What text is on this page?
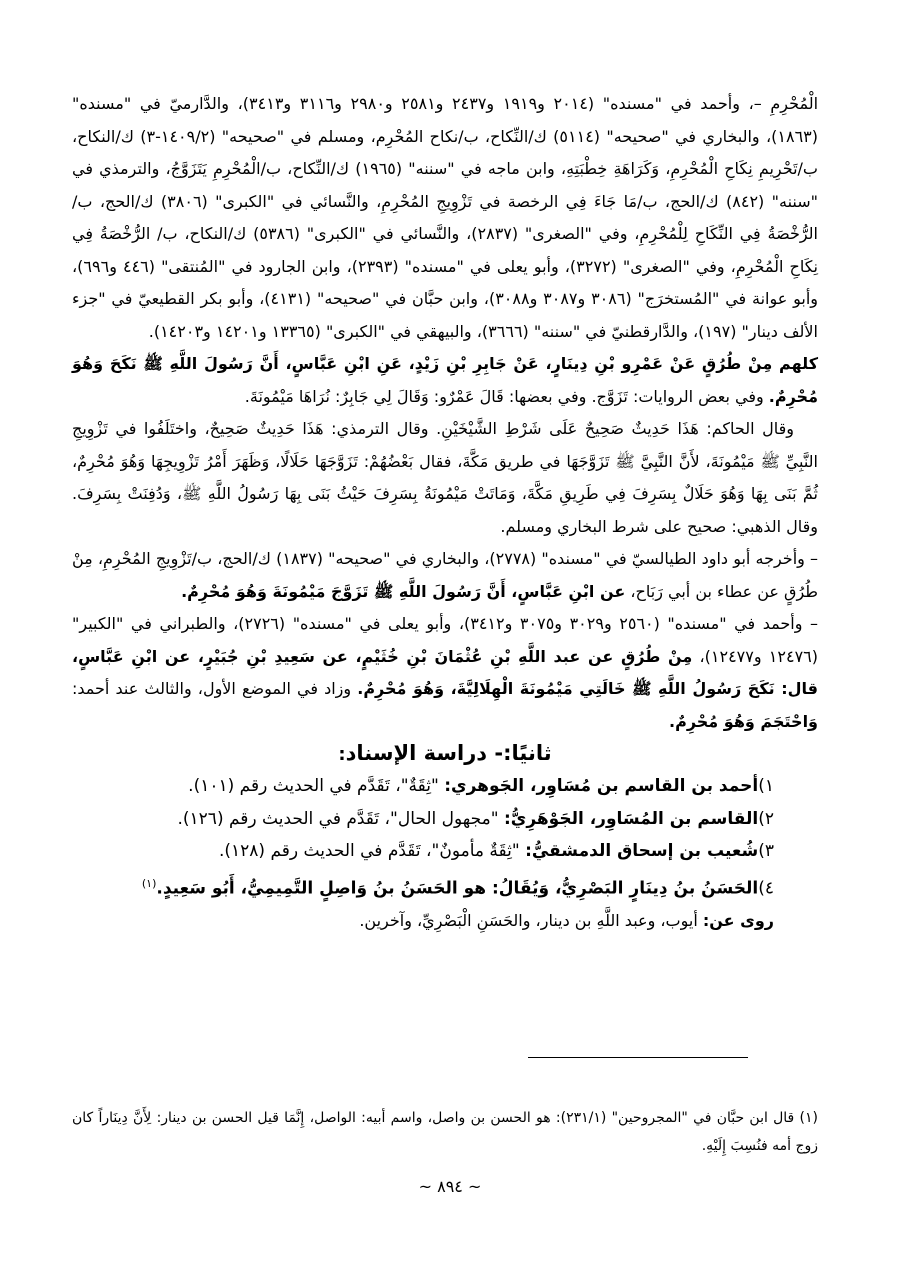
الْمُحْرِمِ –، وأحمد في "مسنده" (٢٠١٤ و١٩١٩ و٢٤٣٧ و٢٥٨١ و٢٩٨٠ و٣١١٦ و٣٤١٣)، والدَّارميّ في "مسنده" (١٨٦٣)، والبخاري في "صحيحه" (٥١١٤) ك/النِّكاح، ب/نكاح المُحْرِم، ومسلم في "صحيحه" (١٤٠٩/٢-٣) ك/النكاح، ب/تَحْرِيمِ نِكَاحِ الْمُحْرِمِ، وَكَرَاهَةِ خِطْبَتِهِ، وابن ماجه في "سننه" (١٩٦٥) ك/النِّكاح، ب/الْمُحْرِمِ يَتَزَوَّجُ، والترمذي في "سننه" (٨٤٢) ك/الحج، ب/مَا جَاءَ فِي الرخصة في تَزْوِيجِ المُحْرِمِ، والنَّسائي في "الكبرى" (٣٨٠٦) ك/الحج، ب/الرُّخْصَةُ فِي النِّكَاحِ لِلْمُحْرِمِ، وفي "الصغرى" (٢٨٣٧)، والنَّسائي في "الكبرى" (٥٣٨٦) ك/النكاح، ب/ الرُّخْصَةُ فِي نِكَاحِ الْمُحْرِمِ، وفي "الصغرى" (٣٢٧٢)، وأبو يعلى في "مسنده" (٢٣٩٣)، وابن الجارود في "المُنتقى" (٤٤٦ و٦٩٦)، وأبو عوانة في "المُستخرَج" (٣٠٨٦ و٣٠٨٧ و٣٠٨٨)، وابن حبَّان في "صحيحه" (٤١٣١)، وأبو بكر القطيعيّ في "جزء الألف دينار" (١٩٧)، والدَّارقطنيّ في "سننه" (٣٦٦٦)، والبيهقي في "الكبرى" (١٣٣٦٥ و١٤٢٠١ و١٤٢٠٣).

كلهم مِنْ طُرُقٍ عَنْ عَمْرِو بْنِ دِينَارٍ، عَنْ جَابِرِ بْنِ زَيْدٍ، عَنِ ابْنِ عَبَّاسٍ، أَنَّ رَسُولَ اللَّهِ ﷺ نَكَحَ وَهُوَ مُحْرِمٌ. وفي بعض الروايات: تَزَوَّج. وفي بعضها: قَالَ عَمْرٌو: وَقَالَ لِي جَابِرٌ: نُرَاهَا مَيْمُونَةَ.

وقال الحاكم: هَذَا حَدِيثٌ صَحِيحٌ عَلَى شَرْطِ الشَّيْخَيْنِ. وقال الترمذي: هَذَا حَدِيثٌ صَحِيحٌ، واختَلَفُوا في تَزْوِيجِ النَّبِيِّ ﷺ مَيْمُونَةَ، لأَنَّ النَّبِيَّ ﷺ تَزَوَّجَهَا في طريق مَكَّةَ، فقال بَعْضُهُمْ: تَزَوَّجَهَا حَلَالًا، وَظَهَرَ أَمْرُ تَزْوِيجِهَا وَهُوَ مُحْرِمٌ، ثُمَّ بَنَى بِهَا وَهُوَ حَلَالٌ بِسَرِفَ فِي طَرِيقِ مَكَّةَ، وَمَاتَتْ مَيْمُونَةُ بِسَرِفَ حَيْثُ بَنَى بِهَا رَسُولُ اللَّهِ ﷺ، وَدُفِنَتْ بِسَرِفَ. وقال الذهبي: صحيح على شرط البخاري ومسلم.

– وأخرجه أبو داود الطيالسيّ في "مسنده" (٢٧٧٨)، والبخاري في "صحيحه" (١٨٣٧) ك/الحج، ب/تَزْوِيجِ المُحْرِمِ، مِنْ طُرُقٍ عن عطاء بن أبي رَبَاح، عن ابْنِ عَبَّاسٍ، أَنَّ رَسُولَ اللَّهِ ﷺ تَزَوَّجَ مَيْمُونَةَ وَهُوَ مُحْرِمٌ.

– وأحمد في "مسنده" (٢٥٦٠ و٣٠٢٩ و٣٠٧٥ و٣٤١٢)، وأبو يعلى في "مسنده" (٢٧٢٦)، والطبراني في "الكبير" (١٢٤٧٦ و١٢٤٧٧)، مِنْ طُرُقٍ عن عبد اللَّهِ بْنِ عُثْمَانَ بْنِ خُثَيْمٍ، عن سَعِيدِ بْنِ جُبَيْرٍ، عن ابْنِ عَبَّاسٍ، قال: نَكَحَ رَسُولُ اللَّهِ ﷺ خَالَتِي مَيْمُونَةَ الْهِلَالِيَّةَ، وَهُوَ مُحْرِمٌ. وزاد في الموضع الأول، والثالث عند أحمد: وَاحْتَجَمَ وَهُوَ مُحْرِمٌ.

ثانيًا:- دراسة الإسناد:
١)أحمد بن القاسم بن مُسَاوِر، الجَوهري: "ثِقَةٌ"، تَقَدَّم في الحديث رقم (١٠١).
٢)القاسم بن المُسَاوِر، الجَوْهَرِيُّ: "مجهول الحال"، تَقَدَّم في الحديث رقم (١٢٦).
٣)شُعيب بن إسحاق الدمشقيُّ: "ثِقَةٌ مأمونٌ"، تَقَدَّم في الحديث رقم (١٢٨).
٤)الحَسَنُ بنُ دِينَارٍ البَصْرِيُّ، وَيُقَالُ: هو الحَسَنُ بنُ وَاصِلٍ التَّمِيمِيُّ، أَبُو سَعِيدٍ.$^{(١)}$

روى عن: أيوب، وعبد اللَّهِ بن دينار، والحَسَنِ الْبَصْرِيِّ، وآخرين.

(١) قال ابن حبَّان في "المجروحين" (٢٣١/١): هو الحسن بن واصل، واسم أبيه: الواصل، إِنَّمَا قيل الحسن بن دينار: لِأَنَّ دِينَاراً كان زوج أمه فنُسِبَ إِلَيْهِ.

~ ٨٩٤ ~
